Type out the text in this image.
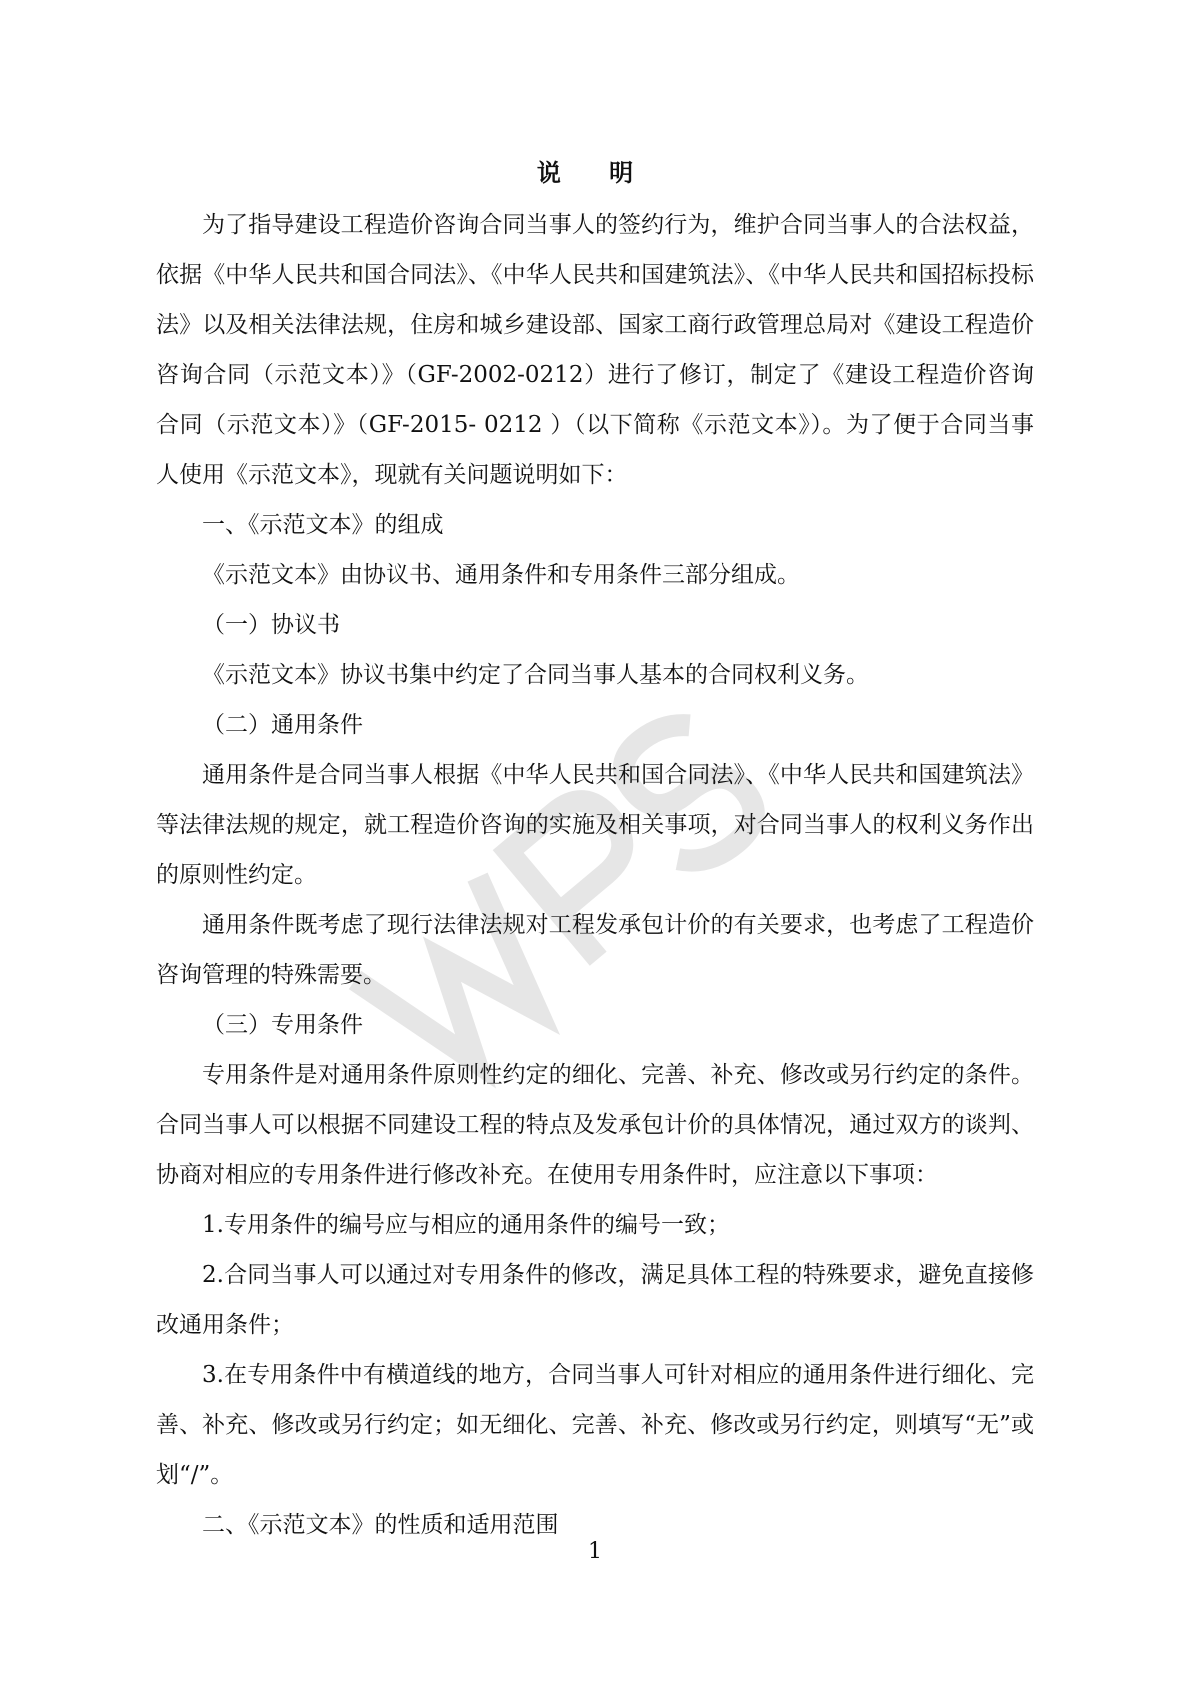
说 明

为了指导建设工程造价咨询合同当事人的签约行为，维护合同当事人的合法权益，依据《中华人民共和国合同法》、《中华人民共和国建筑法》、《中华人民共和国招标投标法》以及相关法律法规，住房和城乡建设部、国家工商行政管理总局对《建设工程造价咨询合同（示范文本）》（GF-2002-0212）进行了修订，制定了《建设工程造价咨询合同（示范文本）》（GF-2015- 0212 ）（以下简称《示范文本》）。为了便于合同当事人使用《示范文本》，现就有关问题说明如下：

一、《示范文本》的组成

《示范文本》由协议书、通用条件和专用条件三部分组成。

（一）协议书

《示范文本》协议书集中约定了合同当事人基本的合同权利义务。

（二）通用条件

通用条件是合同当事人根据《中华人民共和国合同法》、《中华人民共和国建筑法》等法律法规的规定，就工程造价咨询的实施及相关事项，对合同当事人的权利义务作出的原则性约定。

通用条件既考虑了现行法律法规对工程发承包计价的有关要求，也考虑了工程造价咨询管理的特殊需要。

（三）专用条件

专用条件是对通用条件原则性约定的细化、完善、补充、修改或另行约定的条件。合同当事人可以根据不同建设工程的特点及发承包计价的具体情况，通过双方的谈判、协商对相应的专用条件进行修改补充。在使用专用条件时，应注意以下事项：

1.专用条件的编号应与相应的通用条件的编号一致；

2.合同当事人可以通过对专用条件的修改，满足具体工程的特殊要求，避免直接修改通用条件；

3.在专用条件中有横道线的地方，合同当事人可针对相应的通用条件进行细化、完善、补充、修改或另行约定；如无细化、完善、补充、修改或另行约定，则填写“无”或划“/”。

二、《示范文本》的性质和适用范围

1
